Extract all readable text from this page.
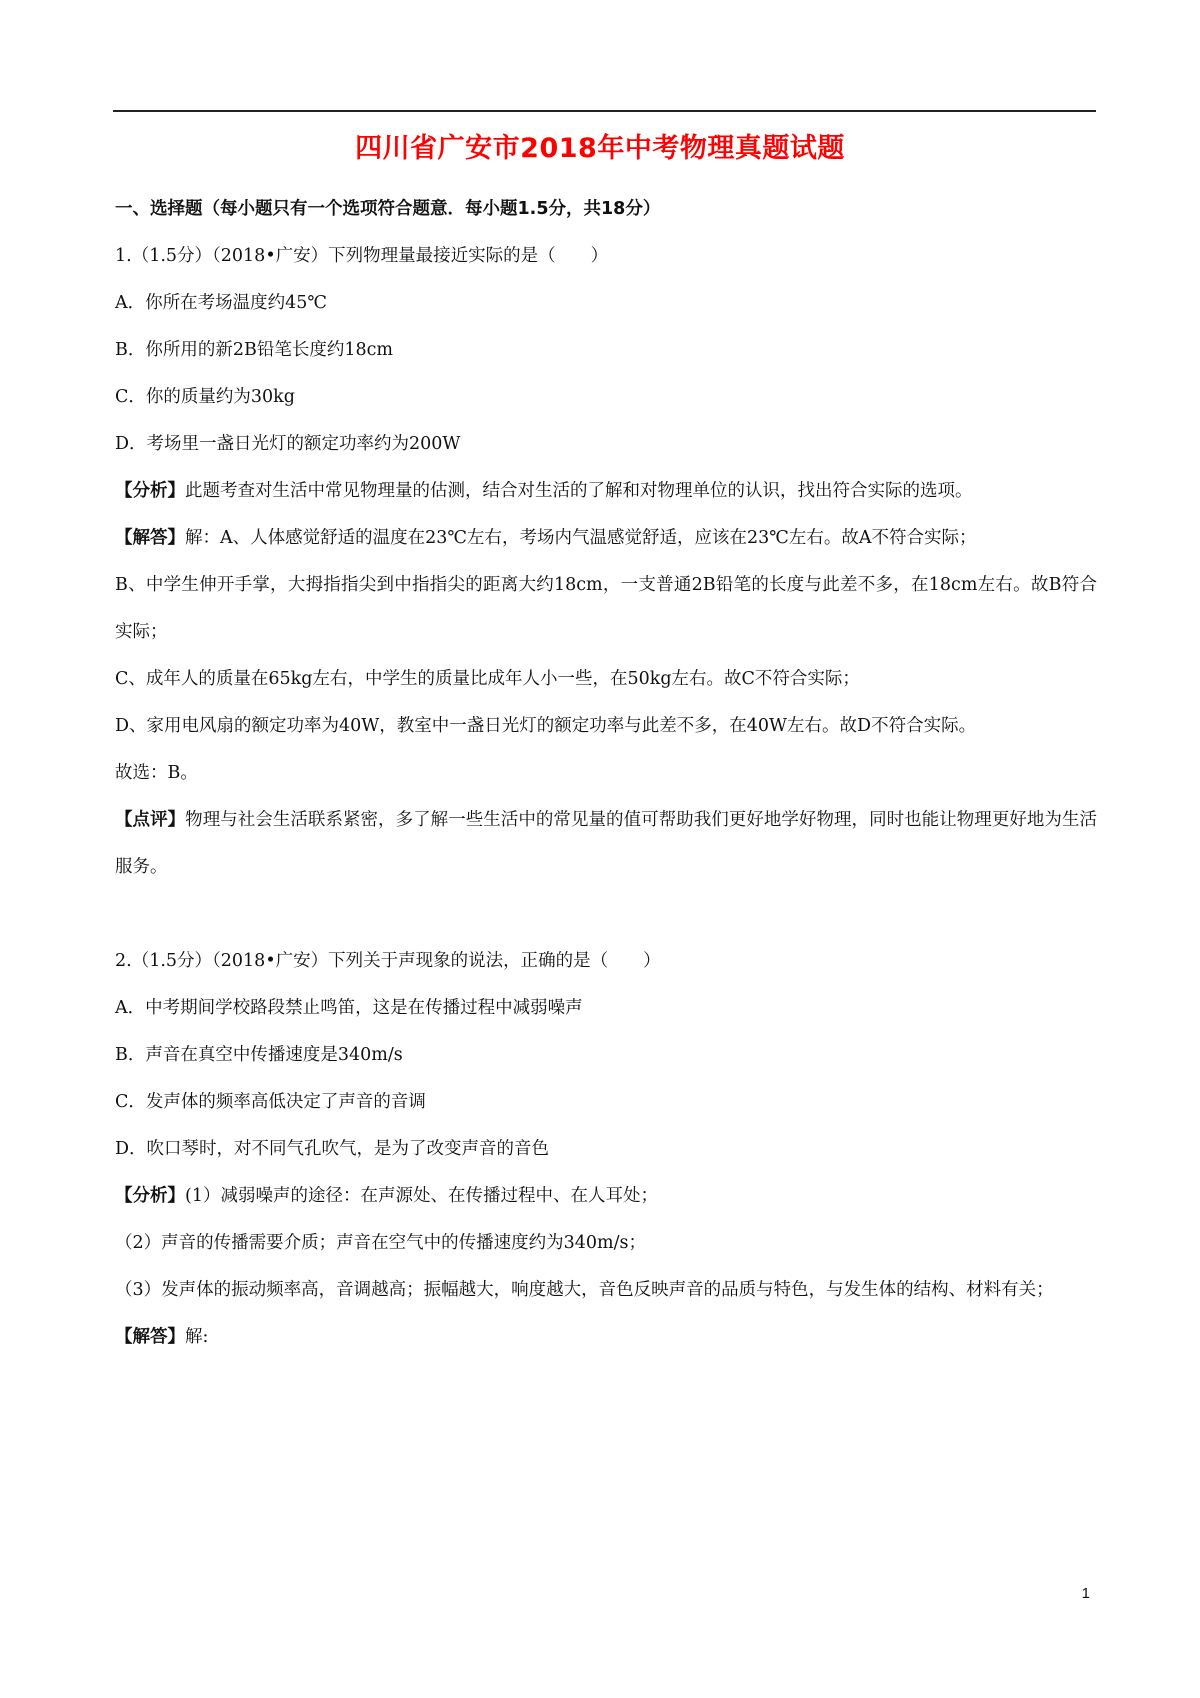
四川省广安市2018年中考物理真题试题
一、选择题（每小题只有一个选项符合题意．每小题1.5分，共18分）
1.（1.5分）（2018•广安）下列物理量最接近实际的是（　　）
A．你所在考场温度约45℃
B．你所用的新2B铅笔长度约18cm
C．你的质量约为30kg
D．考场里一盏日光灯的额定功率约为200W
【分析】此题考查对生活中常见物理量的估测，结合对生活的了解和对物理单位的认识，找出符合实际的选项。
【解答】解：A、人体感觉舒适的温度在23℃左右，考场内气温感觉舒适，应该在23℃左右。故A不符合实际；
B、中学生伸开手掌，大拇指指尖到中指指尖的距离大约18cm，一支普通2B铅笔的长度与此差不多，在18cm左右。故B符合实际；
C、成年人的质量在65kg左右，中学生的质量比成年人小一些，在50kg左右。故C不符合实际；
D、家用电风扇的额定功率为40W，教室中一盏日光灯的额定功率与此差不多，在40W左右。故D不符合实际。
故选：B。
【点评】物理与社会生活联系紧密，多了解一些生活中的常见量的值可帮助我们更好地学好物理，同时也能让物理更好地为生活服务。
2.（1.5分）（2018•广安）下列关于声现象的说法，正确的是（　　）
A．中考期间学校路段禁止鸣笛，这是在传播过程中减弱噪声
B．声音在真空中传播速度是340m/s
C．发声体的频率高低决定了声音的音调
D．吹口琴时，对不同气孔吹气，是为了改变声音的音色
【分析】(1）减弱噪声的途径：在声源处、在传播过程中、在人耳处；
（2）声音的传播需要介质；声音在空气中的传播速度约为340m/s；
（3）发声体的振动频率高，音调越高；振幅越大，响度越大，音色反映声音的品质与特色，与发生体的结构、材料有关；
【解答】解:
1
